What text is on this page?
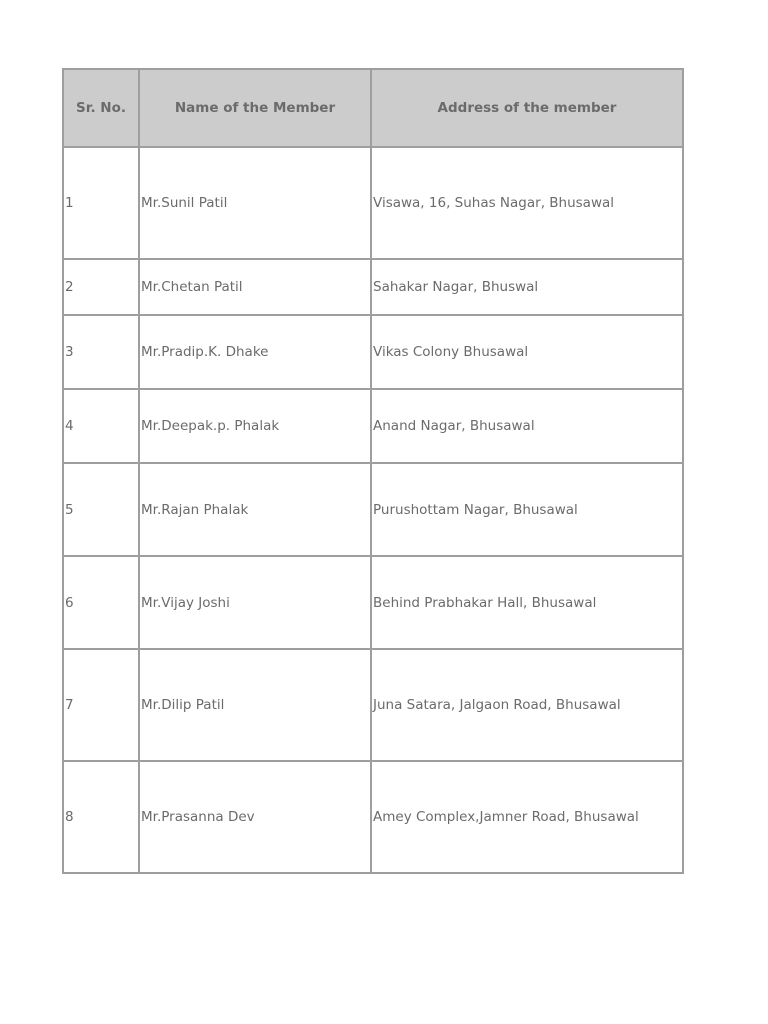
Sr. No.	Name of the Member	Address of the member
1	Mr.Sunil Patil	Visawa, 16, Suhas Nagar, Bhusawal
2	Mr.Chetan Patil	Sahakar Nagar, Bhuswal
3	Mr.Pradip.K. Dhake	Vikas Colony Bhusawal
4	Mr.Deepak.p. Phalak	Anand Nagar, Bhusawal
5	Mr.Rajan Phalak	Purushottam Nagar, Bhusawal
6	Mr.Vijay Joshi	Behind Prabhakar Hall, Bhusawal
7	Mr.Dilip Patil	Juna Satara, Jalgaon Road, Bhusawal
8	Mr.Prasanna Dev	Amey Complex,Jamner Road, Bhusawal
